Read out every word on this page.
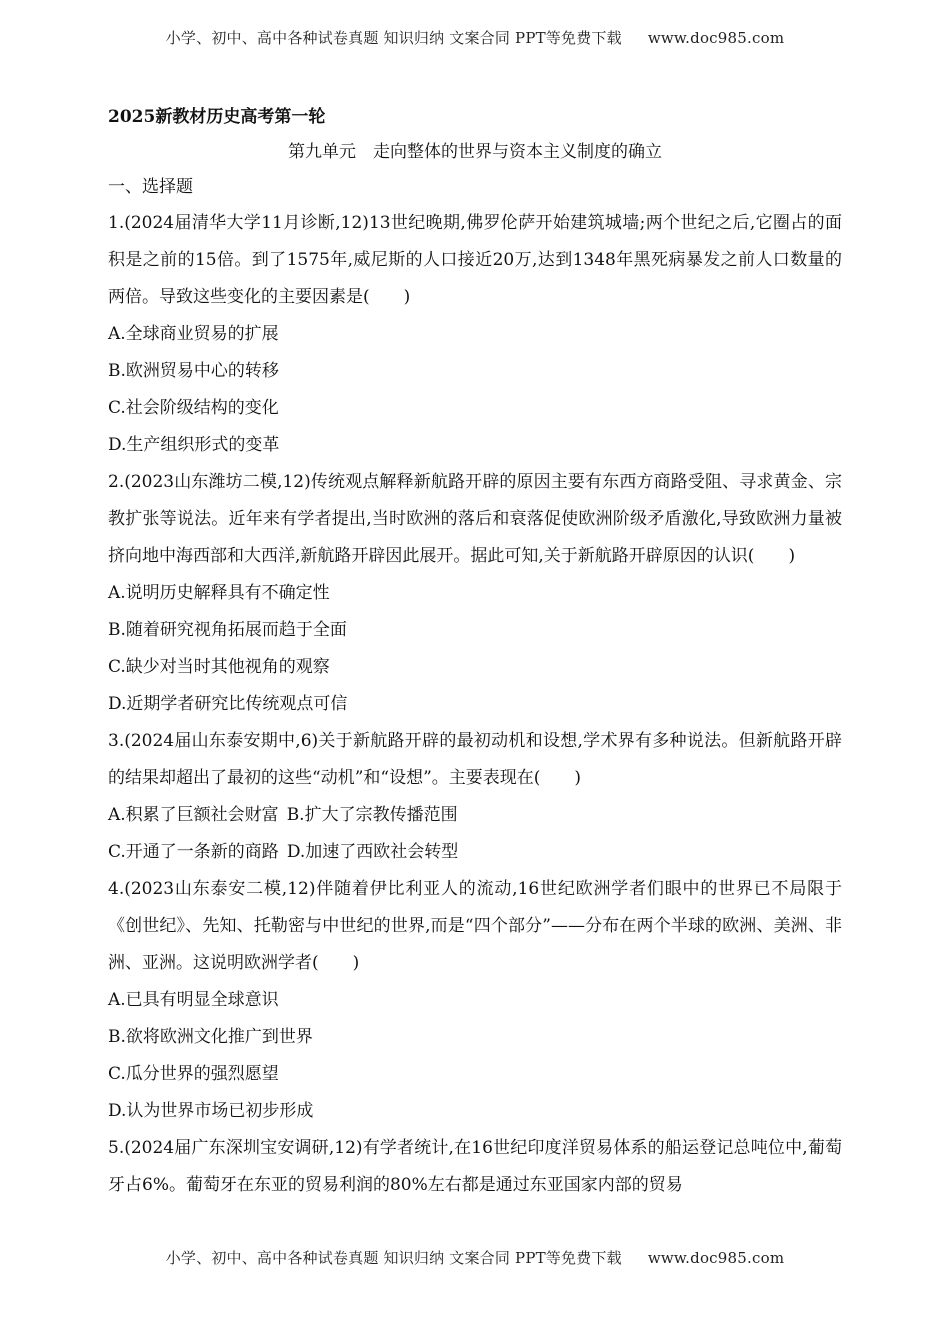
小学、初中、高中各种试卷真题 知识归纳 文案合同 PPT等免费下载 www.doc985.com
2025新教材历史高考第一轮
第九单元　走向整体的世界与资本主义制度的确立
一、选择题
1.(2024届清华大学11月诊断,12)13世纪晚期,佛罗伦萨开始建筑城墙;两个世纪之后,它圈占的面积是之前的15倍。到了1575年,威尼斯的人口接近20万,达到1348年黑死病暴发之前人口数量的两倍。导致这些变化的主要因素是(　　)
A.全球商业贸易的扩展
B.欧洲贸易中心的转移
C.社会阶级结构的变化
D.生产组织形式的变革
2.(2023山东潍坊二模,12)传统观点解释新航路开辟的原因主要有东西方商路受阻、寻求黄金、宗教扩张等说法。近年来有学者提出,当时欧洲的落后和衰落促使欧洲阶级矛盾激化,导致欧洲力量被挤向地中海西部和大西洋,新航路开辟因此展开。据此可知,关于新航路开辟原因的认识(　　)
A.说明历史解释具有不确定性
B.随着研究视角拓展而趋于全面
C.缺少对当时其他视角的观察
D.近期学者研究比传统观点可信
3.(2024届山东泰安期中,6)关于新航路开辟的最初动机和设想,学术界有多种说法。但新航路开辟的结果却超出了最初的这些“动机”和“设想”。主要表现在(　　)
A.积累了巨额社会财富 B.扩大了宗教传播范围
C.开通了一条新的商路 D.加速了西欧社会转型
4.(2023山东泰安二模,12)伴随着伊比利亚人的流动,16世纪欧洲学者们眼中的世界已不局限于《创世纪》、先知、托勒密与中世纪的世界,而是“四个部分”——分布在两个半球的欧洲、美洲、非洲、亚洲。这说明欧洲学者(　　)
A.已具有明显全球意识
B.欲将欧洲文化推广到世界
C.瓜分世界的强烈愿望
D.认为世界市场已初步形成
5.(2024届广东深圳宝安调研,12)有学者统计,在16世纪印度洋贸易体系的船运登记总吨位中,葡萄牙占6%。葡萄牙在东亚的贸易利润的80%左右都是通过东亚国家内部的贸易
小学、初中、高中各种试卷真题 知识归纳 文案合同 PPT等免费下载 www.doc985.com
